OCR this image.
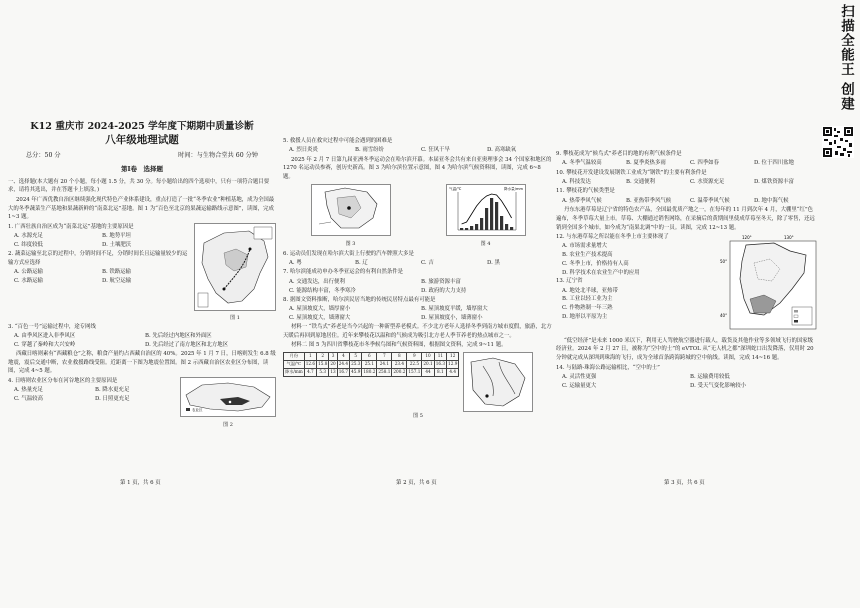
扫描全能王 创建
K12 重庆市 2024-2025 学年度下期期中质量诊断
八年级地理试题
总分：50 分	时间：与生物合堂共 60 分钟
第Ⅰ卷　选择题
一、选择题(本大题有 20 个小题，每小题 1.5 分，共 30 分。每小题给出的四个选项中，只有一项符合题目要求，请将其选出，并在答题卡上填涂。)
2024 年广西优教自治区继续强化现代特色产业体系建设，重点打造了一批“冬季农业”种植基地，成为全国最大的冬季蔬菜生产基地和果蔬新鲜的“南菜北运”基地。图 1 为“百色至北京的果蔬运输路线示意图”，读图，完成 1~3 题。
1. 广西壮族自治区成为“南菜北运”基地的主要原因是
A. 水源充足	B. 地势平坦
C. 纬度较低	D. 土壤肥沃
2. 蔬菜运输至北京的过程中，分销时间不足，分销时间长且运输量较少的运输方式应选择
A. 公路运输	B. 铁路运输
C. 水路运输	D. 航空运输
图 1
3. “百色一号”运输过程中，途专网线
A. 由季风区进入非季风区	B. 先后经过内地区和外面区
C. 穿越了秦岭和大兴安岭	D. 先后经过了南方地区和北方地区
西藏日喀则素有“西藏粮仓”之称，粮食产量约占西藏自治区的 40%。2025 年 1 月 7 日，日喀则发生 6.8 级地震，震后交通中断，农业救援路线受阻。近距离一下图为地震位置图。图 2 示西藏自治区农业区分布图，读图，完成 4~5 题。
4. 日喀则农业区分布在河谷地区的主要原因是
A. 热量充足	B. 降水更充足
C. 气温较高	D. 日照更充足
农业区
图 2
第 1 页，共 6 页
5. 救援人员在救灾过程中可能会遇到的困难是
A. 烈日炎炎	B. 雨雪纷纷	C. 狂风干旱	D. 高寒缺氧
2025 年 2 月 7 日第九届亚洲冬季运动会在哈尔滨开幕。本届亚冬会共有来自亚奥理事会 34 个国家和地区的 1270 名运动员参赛，创历史新高。图 3 为哈尔滨位置示意图，图 4 为哈尔滨气候资料图，读图，完成 6~8 题。
图 3
气温/℃	降水量/mm
图 4
6. 运动员们发现在哈尔滨大街上行驶的汽车牌照大多是
A. 粤	B. 辽	C. 吉	D. 黑
7. 哈尔滨能成功申办冬季亚运会的有利自然条件是
A. 交通发达，出行便利	B. 旅游资源丰富
C. 能源结构丰富，冬季寒冷	D. 政府的大力支持
8. 据图文资料推断，哈尔滨民居当地的传统民居特点最有可能是
A. 屋顶坡度大，墙厚窗小	B. 屋顶坡度平缓，墙厚窗大
C. 屋顶坡度大，墙薄窗大	D. 屋顶坡度小，墙薄窗小
材料一 “铁鸟式”养老是当今兴起的一种新型养老模式。不少北方老年人选择冬季到南方城市度假，旅游，北方天暖后再回到原地居住。近年来攀枝花以温和的气候成为吸引北方老人季节养老的热点城市之一。
材料二 图 5 为四川省攀枝花市冬季候鸟图和气候资料图，根据图文资料，完成 9~11 题。
月份	1	2	3	4	5	6	7	8	9	10	11	12
气温/℃	12.6	15.8	20	24.4	25.3	25.1	24.1	23.4	22.5	20.1	16.3	12.9
降水/mm	4.7	5.3	13	16.7	45.9	180.2	258.1	200.2	157.1	44	8.1	4.4
图 5
第 2 页，共 6 页
9. 攀枝花成为“候鸟式”养老目的地的有利气候条件是
A. 冬季气温较高	B. 夏季炎热多雨	C. 四季如春	D. 位于四川盆地
10. 攀枝花开发建设发展钢铁工业成为“钢铁”的主要有利条件是
A. 科技发达	B. 交通便利	C. 水资源充足	D. 煤铁资源丰富
11. 攀枝花的气候类型是
A. 热带季风气候	B. 亚热带季风气候	C. 温带季风气候	D. 地中海气候
丹东东港草莓是辽宁省的特色农产品，全国最优质产地之一，在每年的 11 月到次年 4 月，大棚里“红”色遍布，冬季草莓大量上市。草莓、大棚通过销售网络，在采摘后的黄期间里使成草莓至冬天，除了零售，还远销到全国多个城市，如今成为“南果北调”中的一员。读图，完成 12~13 题。
12. 与东港草莓之所以能在冬季上市主要体现了
A. 市场需求量增大
B. 农业生产技术提高
C. 冬季上市，价格持有人高
D. 科学技术在农业生产中的应用
13. 辽宁省
A. 地处北半球，亚热带
B. 工业以轻工业为主
C. 作物熟制一年三熟
D. 地形以平原为主
120°	130°
50°
40°
“低空经济”是未来 1000 米以下，利用无人驾驶航空器进行载人，载货及其他作业等多领域飞行的国家级经济业。2024 年 2 月 27 日，被称为“空中的士”的 eVTOL 从“无人机之都”深圳蛇口出发降落，仅用时 20 分钟就完成从深圳到珠海的飞行，成为全球首条跨海跨城的空中航线。读图，完成 14~16 题。
14. 与陆路-珠海公路运输相比，“空中的士”
A. 灵活性更强	B. 运输费用较低
C. 运输量更大	D. 受天气变化影响较小
第 3 页，共 6 页
